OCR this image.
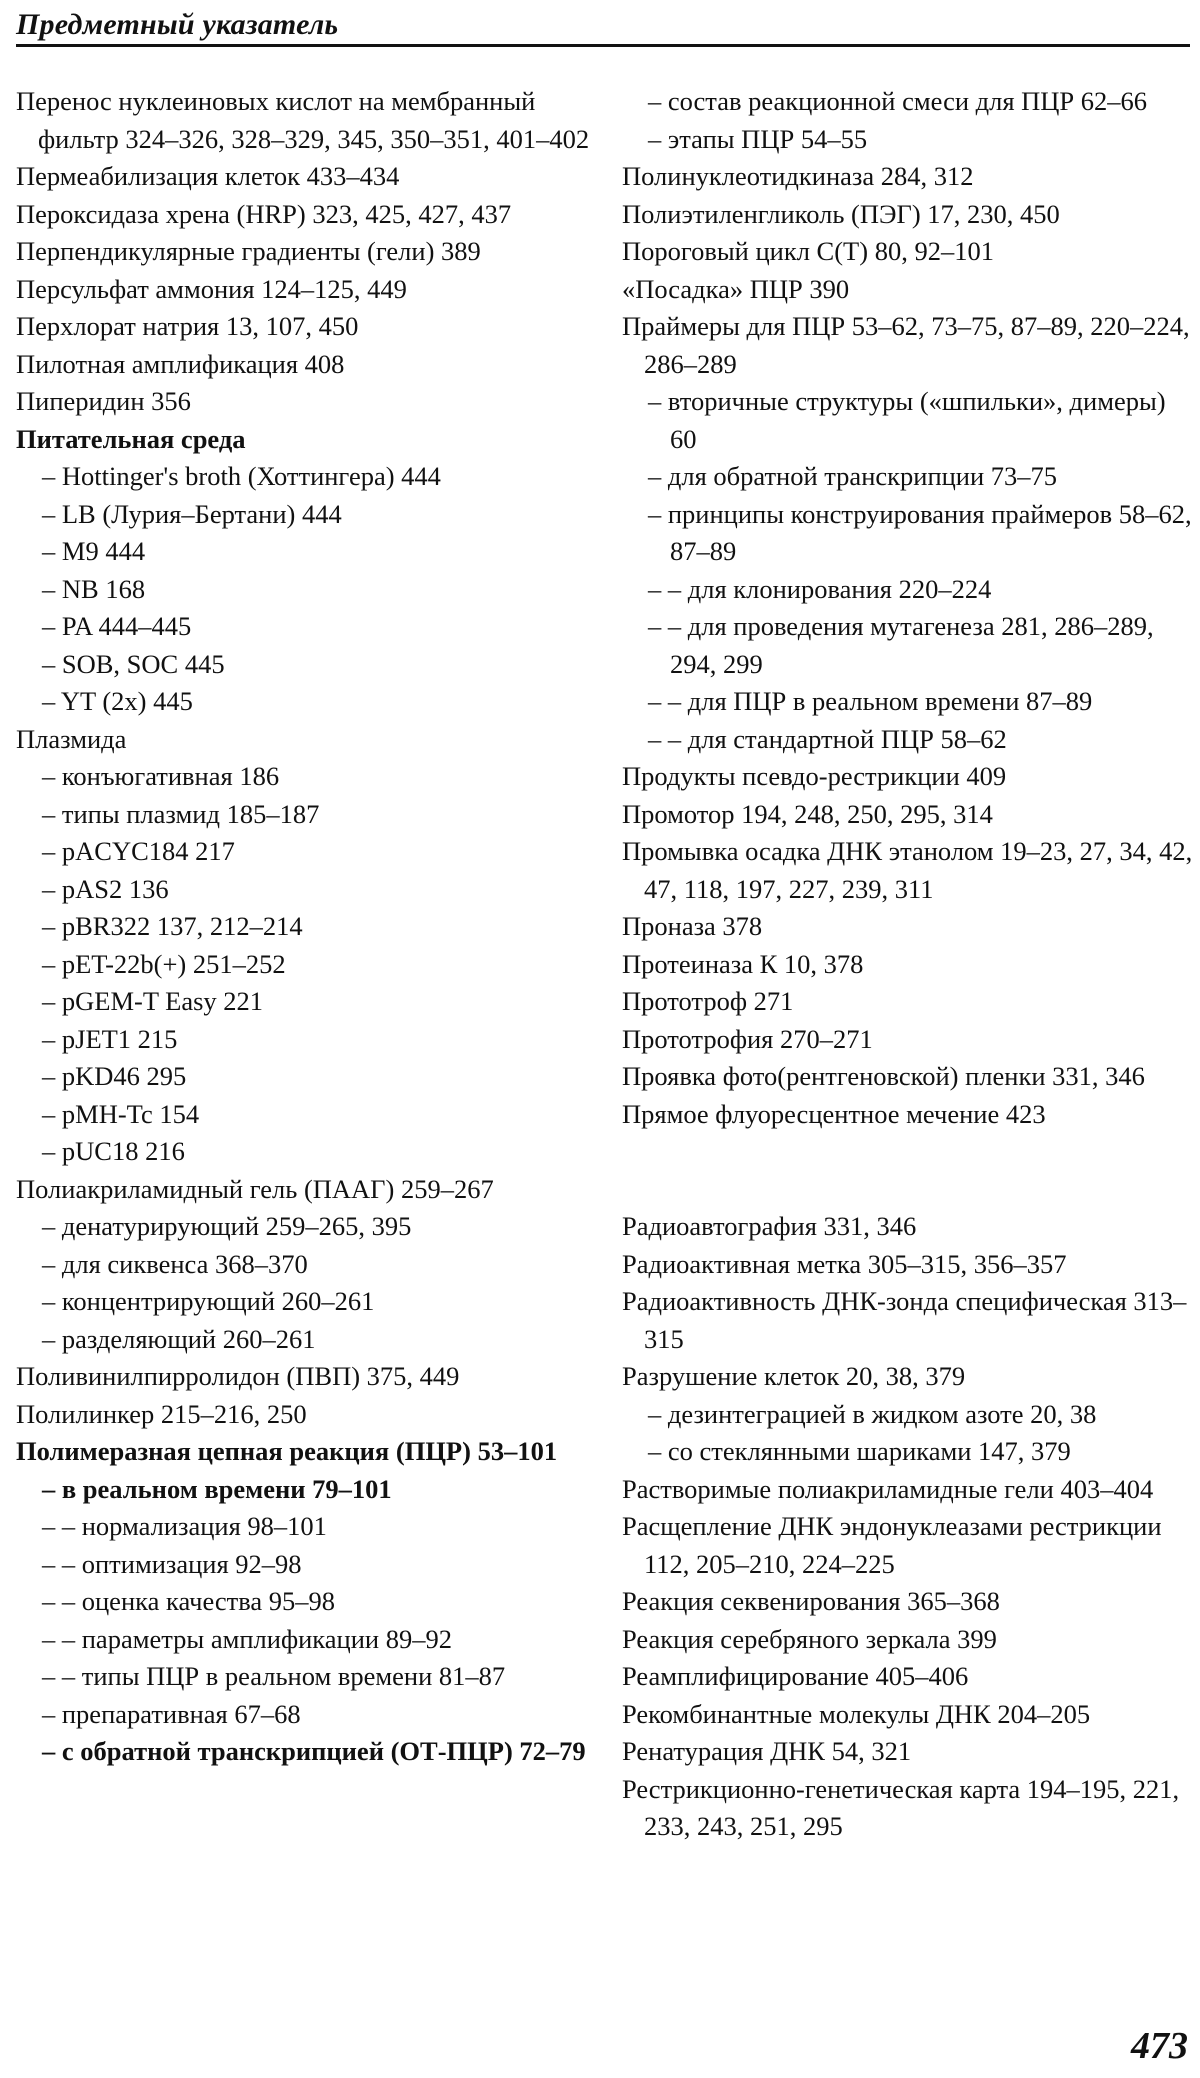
Предметный указатель
Перенос нуклеиновых кислот на мембранный фильтр 324–326, 328–329, 345, 350–351, 401–402
Пермеабилизация клеток 433–434
Пероксидаза хрена (HRP) 323, 425, 427, 437
Перпендикулярные градиенты (гели) 389
Персульфат аммония 124–125, 449
Перхлорат натрия 13, 107, 450
Пилотная амплификация 408
Пиперидин 356
Питательная среда
– Hottinger's broth (Хоттингера) 444
– LB (Лурия–Бертани) 444
– M9 444
– NB 168
– PA 444–445
– SOB, SOC 445
– YT (2x) 445
Плазмида
– конъюгативная 186
– типы плазмид 185–187
– pACYC184 217
– pAS2 136
– pBR322 137, 212–214
– pET-22b(+) 251–252
– pGEM-T Easy 221
– pJET1 215
– pKD46 295
– pMH-Tc 154
– pUC18 216
Полиакриламидный гель (ПААГ) 259–267
– денатурирующий 259–265, 395
– для сиквенса 368–370
– концентрирующий 260–261
– разделяющий 260–261
Поливинилпирролидон (ПВП) 375, 449
Полилинкер 215–216, 250
Полимеразная цепная реакция (ПЦР) 53–101
– в реальном времени 79–101
– – нормализация 98–101
– – оптимизация 92–98
– – оценка качества 95–98
– – параметры амплификации 89–92
– – типы ПЦР в реальном времени 81–87
– препаративная 67–68
– с обратной транскрипцией (ОТ-ПЦР) 72–79
– состав реакционной смеси для ПЦР 62–66
– этапы ПЦР 54–55
Полинуклеотидкиназа 284, 312
Полиэтиленгликоль (ПЭГ) 17, 230, 450
Пороговый цикл C(T) 80, 92–101
«Посадка» ПЦР 390
Праймеры для ПЦР 53–62, 73–75, 87–89, 220–224, 286–289
– вторичные структуры («шпильки», димеры) 60
– для обратной транскрипции 73–75
– принципы конструирования праймеров 58–62, 87–89
– – для клонирования 220–224
– – для проведения мутагенеза 281, 286–289, 294, 299
– – для ПЦР в реальном времени 87–89
– – для стандартной ПЦР 58–62
Продукты псевдо-рестрикции 409
Промотор 194, 248, 250, 295, 314
Промывка осадка ДНК этанолом 19–23, 27, 34, 42, 47, 118, 197, 227, 239, 311
Проназа 378
Протеиназа К 10, 378
Прототроф 271
Прототрофия 270–271
Проявка фото(рентгеновской) пленки 331, 346
Прямое флуоресцентное мечение 423
Радиоавтография 331, 346
Радиоактивная метка 305–315, 356–357
Радиоактивность ДНК-зонда специфическая 313–315
Разрушение клеток 20, 38, 379
– дезинтеграцией в жидком азоте 20, 38
– со стеклянными шариками 147, 379
Растворимые полиакриламидные гели 403–404
Расщепление ДНК эндонуклеазами рестрикции 112, 205–210, 224–225
Реакция секвенирования 365–368
Реакция серебряного зеркала 399
Реамплифицирование 405–406
Рекомбинантные молекулы ДНК 204–205
Ренатурация ДНК 54, 321
Рестрикционно-генетическая карта 194–195, 221, 233, 243, 251, 295
473
